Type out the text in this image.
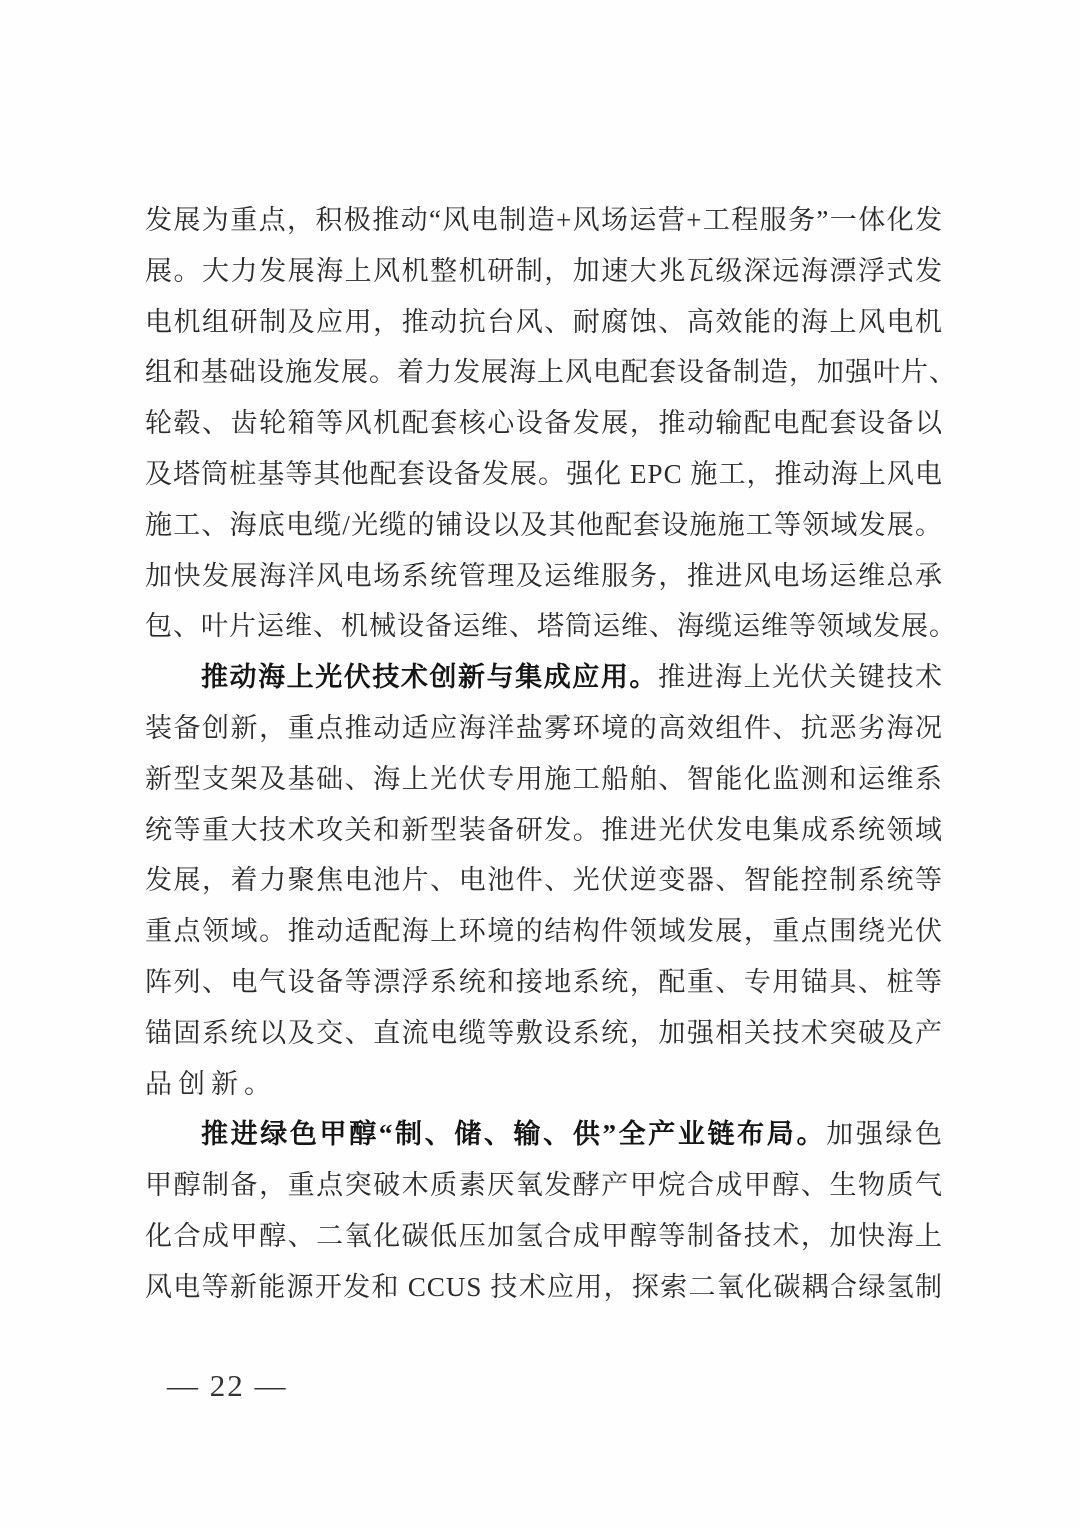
发展为重点，积极推动“风电制造+风场运营+工程服务”一体化发
展。大力发展海上风机整机研制，加速大兆瓦级深远海漂浮式发
电机组研制及应用，推动抗台风、耐腐蚀、高效能的海上风电机
组和基础设施发展。着力发展海上风电配套设备制造，加强叶片、
轮毂、齿轮箱等风机配套核心设备发展，推动输配电配套设备以
及塔筒桩基等其他配套设备发展。强化 EPC 施工，推动海上风电
施工、海底电缆/光缆的铺设以及其他配套设施施工等领域发展。
加快发展海洋风电场系统管理及运维服务，推进风电场运维总承
包、叶片运维、机械设备运维、塔筒运维、海缆运维等领域发展。
推动海上光伏技术创新与集成应用。推进海上光伏关键技术
装备创新，重点推动适应海洋盐雾环境的高效组件、抗恶劣海况
新型支架及基础、海上光伏专用施工船舶、智能化监测和运维系
统等重大技术攻关和新型装备研发。推进光伏发电集成系统领域
发展，着力聚焦电池片、电池件、光伏逆变器、智能控制系统等
重点领域。推动适配海上环境的结构件领域发展，重点围绕光伏
阵列、电气设备等漂浮系统和接地系统，配重、专用锚具、桩等
锚固系统以及交、直流电缆等敷设系统，加强相关技术突破及产
品创新。
推进绿色甲醇“制、储、输、供”全产业链布局。加强绿色
甲醇制备，重点突破木质素厌氧发酵产甲烷合成甲醇、生物质气
化合成甲醇、二氧化碳低压加氢合成甲醇等制备技术，加快海上
风电等新能源开发和 CCUS 技术应用，探索二氧化碳耦合绿氢制
— 22 —
